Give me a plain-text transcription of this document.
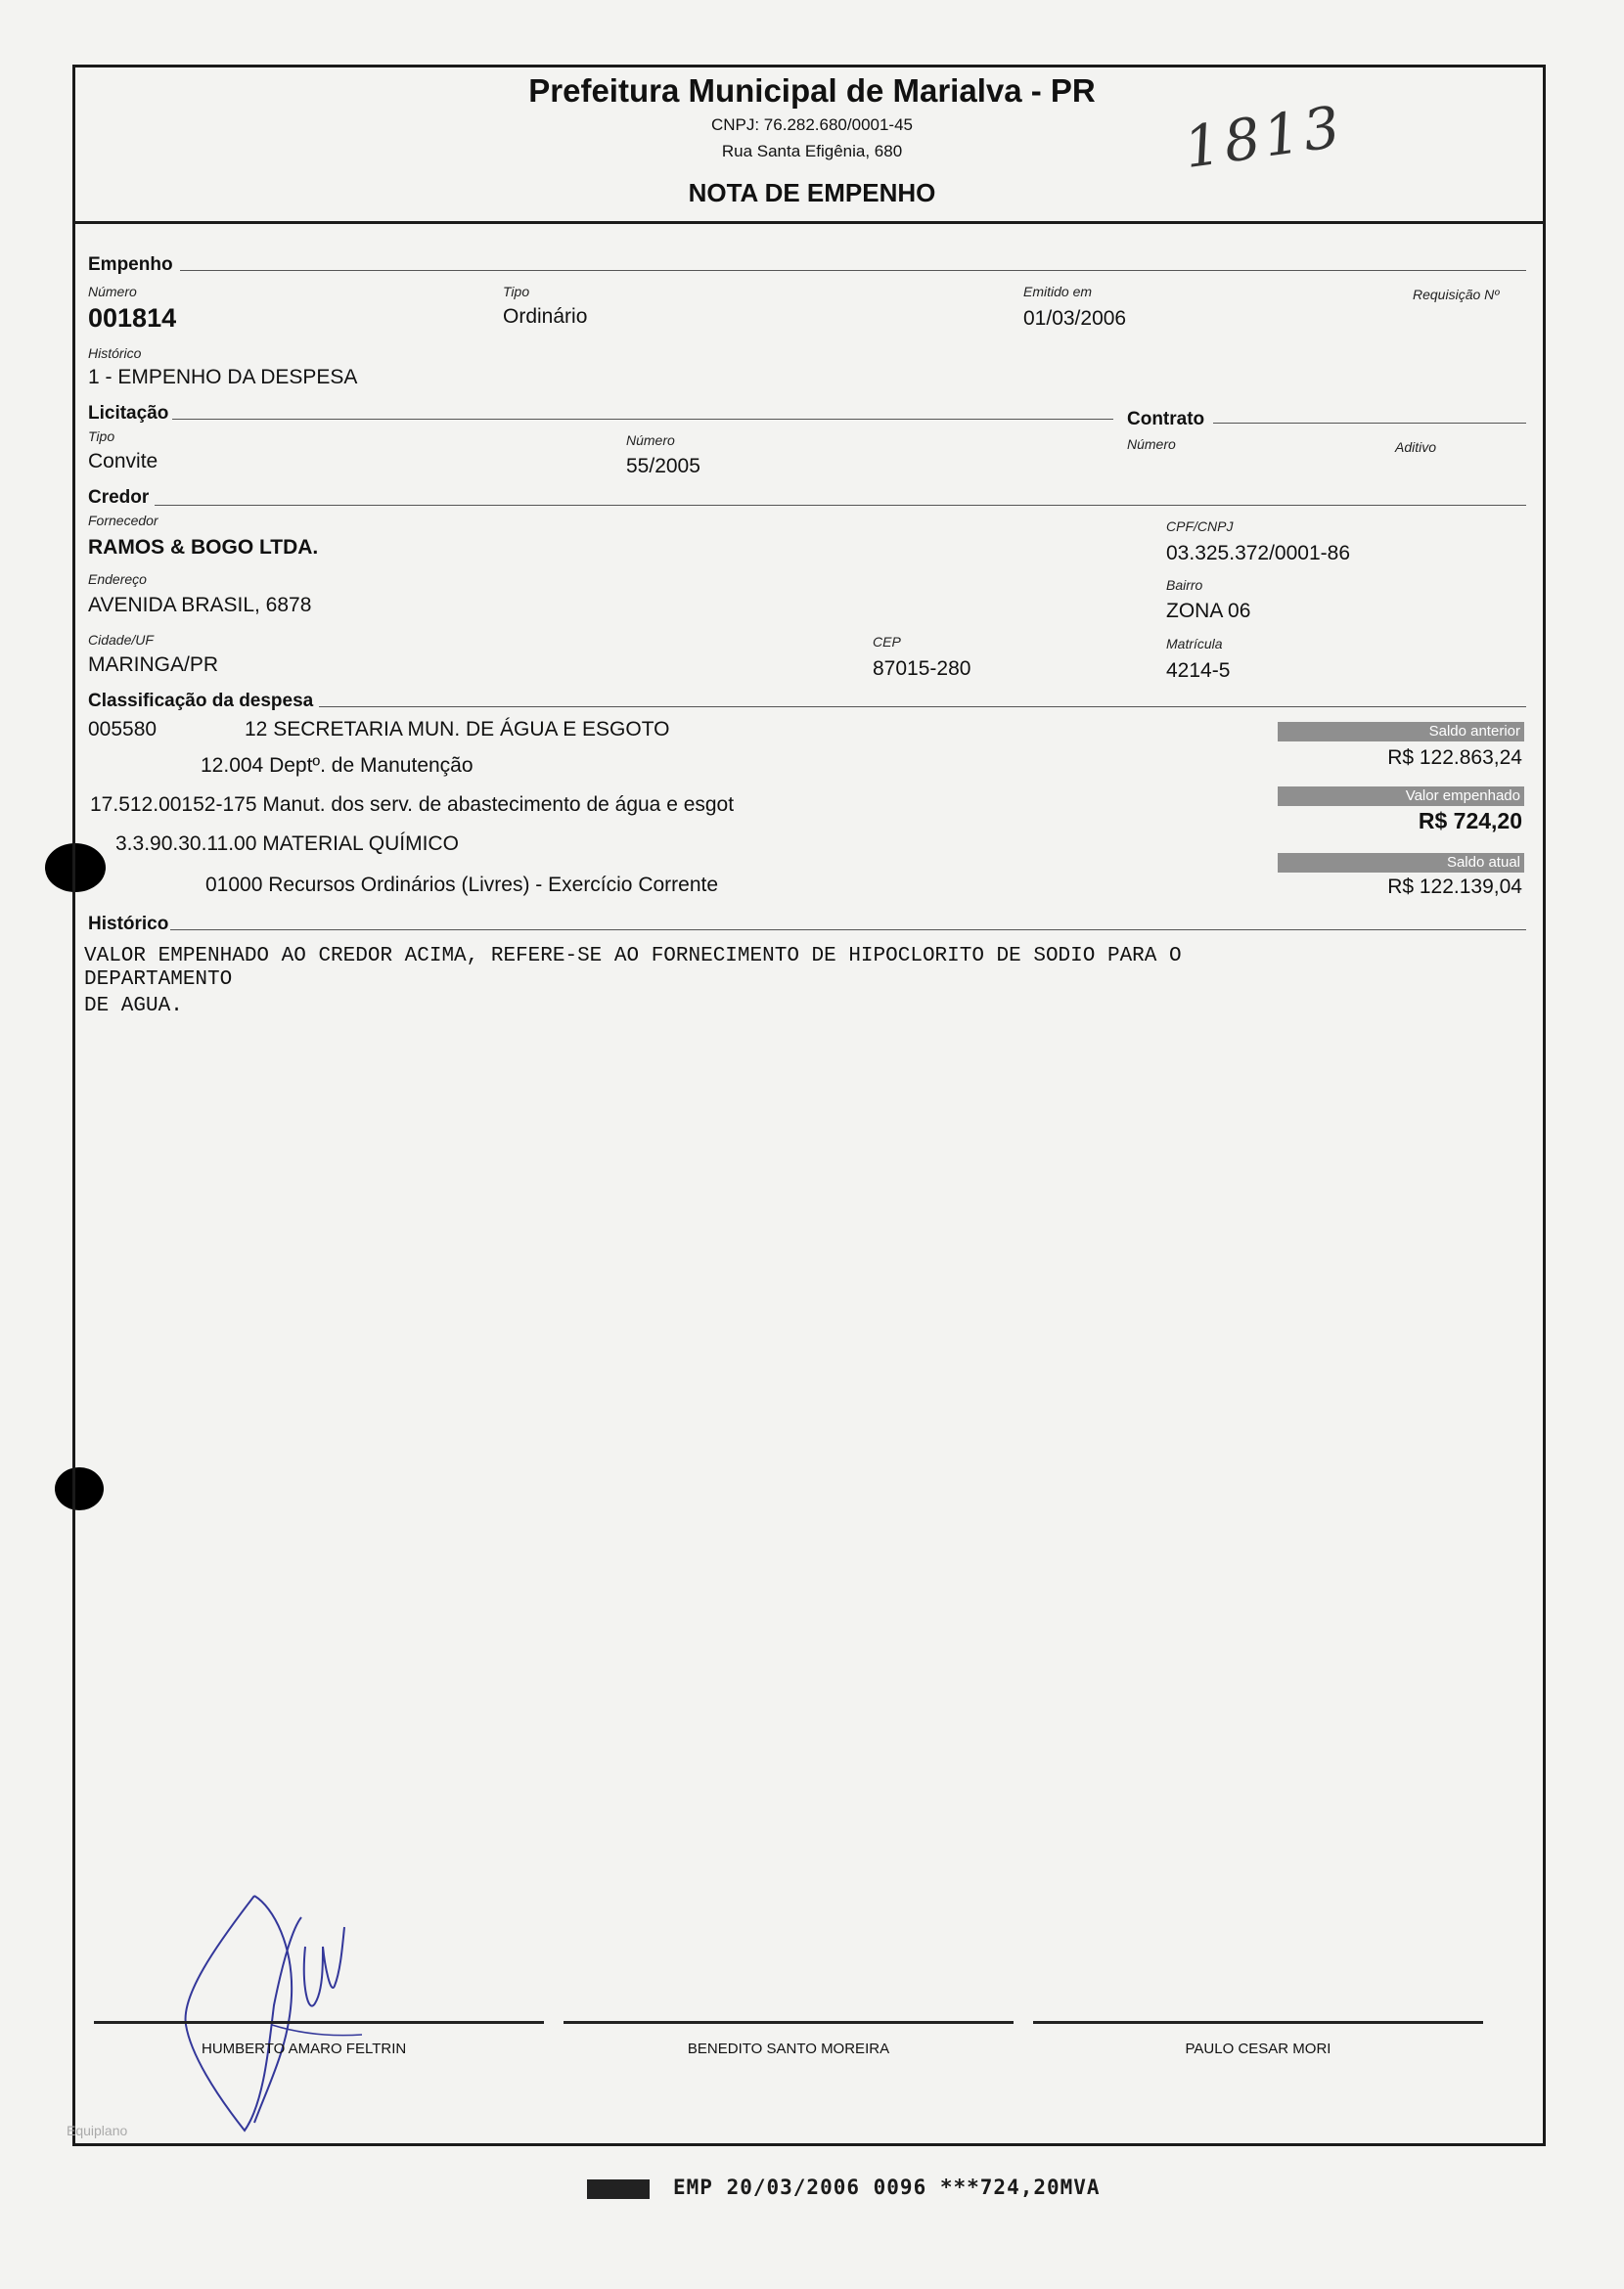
Prefeitura Municipal de Marialva - PR
CNPJ: 76.282.680/0001-45
Rua Santa Efigênia, 680
NOTA DE EMPENHO
1813
Empenho
Número
001814
Tipo
Ordinário
Emitido em
01/03/2006
Requisição Nº
Histórico
1 - EMPENHO DA DESPESA
Licitação	Contrato
Tipo
Convite
Número
55/2005
Número	Aditivo
Credor
Fornecedor
RAMOS & BOGO LTDA.
CPF/CNPJ
03.325.372/0001-86
Endereço
AVENIDA BRASIL, 6878
Bairro
ZONA 06
Cidade/UF
MARINGA/PR
CEP
87015-280
Matrícula
4214-5
Classificação da despesa
005580	12 SECRETARIA MUN. DE ÁGUA E ESGOTO
12.004 Deptº. de Manutenção
17.512.00152-175 Manut. dos serv. de abastecimento de água e esgot
3.3.90.30.11.00 MATERIAL QUÍMICO
01000 Recursos Ordinários (Livres) - Exercício Corrente
Saldo anterior
R$ 122.863,24
Valor empenhado
R$ 724,20
Saldo atual
R$ 122.139,04
Histórico
VALOR EMPENHADO AO CREDOR ACIMA, REFERE-SE AO FORNECIMENTO DE HIPOCLORITO DE SODIO PARA O
DEPARTAMENTO
DE AGUA.
HUMBERTO AMARO FELTRIN	BENEDITO SANTO MOREIRA	PAULO CESAR MORI
Equiplano
EMP 20/03/2006 0096 ***724,20MVA
